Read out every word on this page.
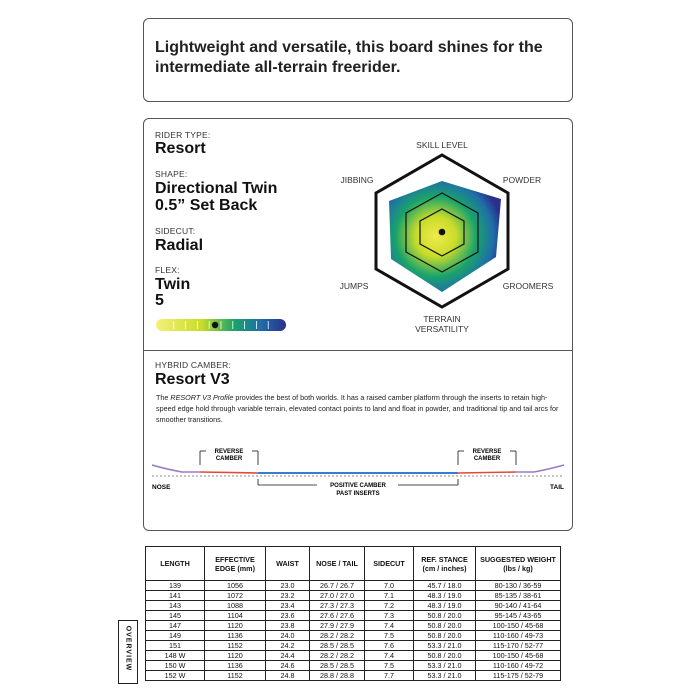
Lightweight and versatile, this board shines for the intermediate all-terrain freerider.
RIDER TYPE:
Resort
SHAPE:
Directional Twin
0.5” Set Back
SIDECUT:
Radial
FLEX:
Twin
5
SKILL LEVEL
POWDER
GROOMERS
TERRAIN
VERSATILITY
JUMPS
JIBBING
HYBRID CAMBER:
Resort V3
The RESORT V3 Profile provides the best of both worlds. It has a raised camber platform through the inserts to retain high-speed edge hold through variable terrain, elevated contact points to land and float in powder, and traditional tip and tail arcs for smoother transitions.
REVERSE
CAMBER
REVERSE
CAMBER
NOSE	TAIL
POSITIVE CAMBER
PAST INSERTS
LENGTH	EFFECTIVE
EDGE (mm)	WAIST	NOSE / TAIL	SIDECUT	REF. STANCE
(cm / inches)	SUGGESTED WEIGHT
(lbs / kg)
139	1056	23.0	26.7 / 26.7	7.0	45.7 / 18.0	80-130 / 36-59
141	1072	23.2	27.0 / 27.0	7.1	48.3 / 19.0	85-135 / 38-61
143	1088	23.4	27.3 / 27.3	7.2	48.3 / 19.0	90-140 / 41-64
145	1104	23.6	27.6 / 27.6	7.3	50.8 / 20.0	95-145 / 43-65
147	1120	23.8	27.9 / 27.9	7.4	50.8 / 20.0	100-150 / 45-68
149	1136	24.0	28.2 / 28.2	7.5	50.8 / 20.0	110-160 / 49-73
151	1152	24.2	28.5 / 28.5	7.6	53.3 / 21.0	115-170 / 52-77
148 W	1120	24.4	28.2 / 28.2	7.4	50.8 / 20.0	100-150 / 45-68
150 W	1136	24.6	28.5 / 28.5	7.5	53.3 / 21.0	110-160 / 49-72
152 W	1152	24.8	28.8 / 28.8	7.7	53.3 / 21.0	115-175 / 52-79
OVERVIEW
